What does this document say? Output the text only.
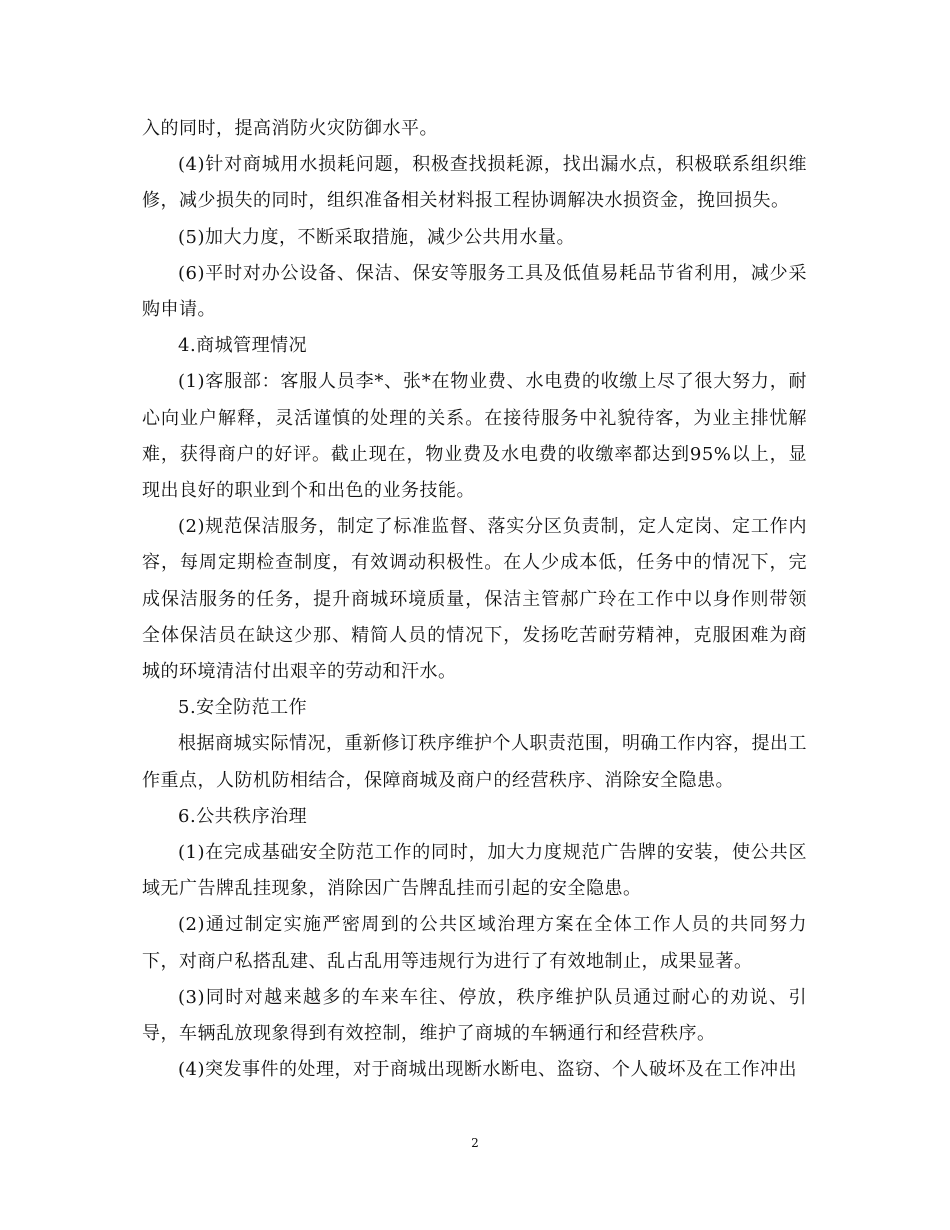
入的同时，提高消防火灾防御水平。

(4)针对商城用水损耗问题，积极查找损耗源，找出漏水点，积极联系组织维修，减少损失的同时，组织准备相关材料报工程协调解决水损资金，挽回损失。

(5)加大力度，不断采取措施，减少公共用水量。

(6)平时对办公设备、保洁、保安等服务工具及低值易耗品节省利用，减少采购申请。

4.商城管理情况

(1)客服部：客服人员李*、张*在物业费、水电费的收缴上尽了很大努力，耐心向业户解释，灵活谨慎的处理的关系。在接待服务中礼貌待客，为业主排忧解难，获得商户的好评。截止现在，物业费及水电费的收缴率都达到95%以上，显现出良好的职业到个和出色的业务技能。

(2)规范保洁服务，制定了标准监督、落实分区负责制，定人定岗、定工作内容，每周定期检查制度，有效调动积极性。在人少成本低，任务中的情况下，完成保洁服务的任务，提升商城环境质量，保洁主管郝广玲在工作中以身作则带领全体保洁员在缺这少那、精简人员的情况下，发扬吃苦耐劳精神，克服困难为商城的环境清洁付出艰辛的劳动和汗水。

5.安全防范工作

根据商城实际情况，重新修订秩序维护个人职责范围，明确工作内容，提出工作重点，人防机防相结合，保障商城及商户的经营秩序、消除安全隐患。

6.公共秩序治理

(1)在完成基础安全防范工作的同时，加大力度规范广告牌的安装，使公共区域无广告牌乱挂现象，消除因广告牌乱挂而引起的安全隐患。

(2)通过制定实施严密周到的公共区域治理方案在全体工作人员的共同努力下，对商户私搭乱建、乱占乱用等违规行为进行了有效地制止，成果显著。

(3)同时对越来越多的车来车往、停放，秩序维护队员通过耐心的劝说、引导，车辆乱放现象得到有效控制，维护了商城的车辆通行和经营秩序。

(4)突发事件的处理，对于商城出现断水断电、盗窃、个人破坏及在工作冲出

2
